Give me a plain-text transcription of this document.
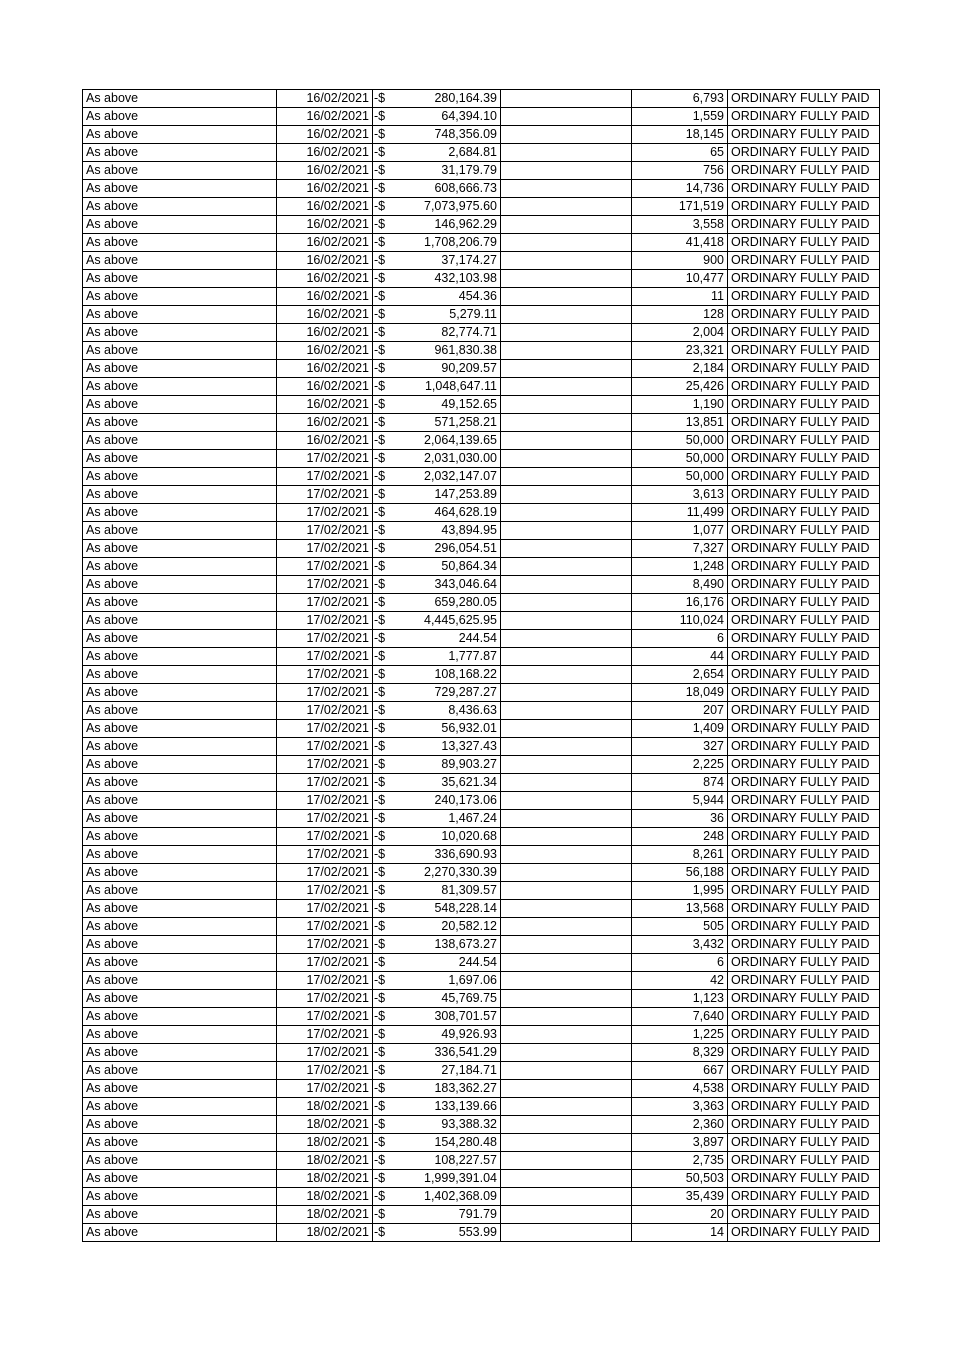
As above	16/02/2021	-$	280,164.39		6,793	ORDINARY FULLY PAID
As above	16/02/2021	-$	64,394.10		1,559	ORDINARY FULLY PAID
As above	16/02/2021	-$	748,356.09		18,145	ORDINARY FULLY PAID
As above	16/02/2021	-$	2,684.81		65	ORDINARY FULLY PAID
As above	16/02/2021	-$	31,179.79		756	ORDINARY FULLY PAID
As above	16/02/2021	-$	608,666.73		14,736	ORDINARY FULLY PAID
As above	16/02/2021	-$	7,073,975.60		171,519	ORDINARY FULLY PAID
As above	16/02/2021	-$	146,962.29		3,558	ORDINARY FULLY PAID
As above	16/02/2021	-$	1,708,206.79		41,418	ORDINARY FULLY PAID
As above	16/02/2021	-$	37,174.27		900	ORDINARY FULLY PAID
As above	16/02/2021	-$	432,103.98		10,477	ORDINARY FULLY PAID
As above	16/02/2021	-$	454.36		11	ORDINARY FULLY PAID
As above	16/02/2021	-$	5,279.11		128	ORDINARY FULLY PAID
As above	16/02/2021	-$	82,774.71		2,004	ORDINARY FULLY PAID
As above	16/02/2021	-$	961,830.38		23,321	ORDINARY FULLY PAID
As above	16/02/2021	-$	90,209.57		2,184	ORDINARY FULLY PAID
As above	16/02/2021	-$	1,048,647.11		25,426	ORDINARY FULLY PAID
As above	16/02/2021	-$	49,152.65		1,190	ORDINARY FULLY PAID
As above	16/02/2021	-$	571,258.21		13,851	ORDINARY FULLY PAID
As above	16/02/2021	-$	2,064,139.65		50,000	ORDINARY FULLY PAID
As above	17/02/2021	-$	2,031,030.00		50,000	ORDINARY FULLY PAID
As above	17/02/2021	-$	2,032,147.07		50,000	ORDINARY FULLY PAID
As above	17/02/2021	-$	147,253.89		3,613	ORDINARY FULLY PAID
As above	17/02/2021	-$	464,628.19		11,499	ORDINARY FULLY PAID
As above	17/02/2021	-$	43,894.95		1,077	ORDINARY FULLY PAID
As above	17/02/2021	-$	296,054.51		7,327	ORDINARY FULLY PAID
As above	17/02/2021	-$	50,864.34		1,248	ORDINARY FULLY PAID
As above	17/02/2021	-$	343,046.64		8,490	ORDINARY FULLY PAID
As above	17/02/2021	-$	659,280.05		16,176	ORDINARY FULLY PAID
As above	17/02/2021	-$	4,445,625.95		110,024	ORDINARY FULLY PAID
As above	17/02/2021	-$	244.54		6	ORDINARY FULLY PAID
As above	17/02/2021	-$	1,777.87		44	ORDINARY FULLY PAID
As above	17/02/2021	-$	108,168.22		2,654	ORDINARY FULLY PAID
As above	17/02/2021	-$	729,287.27		18,049	ORDINARY FULLY PAID
As above	17/02/2021	-$	8,436.63		207	ORDINARY FULLY PAID
As above	17/02/2021	-$	56,932.01		1,409	ORDINARY FULLY PAID
As above	17/02/2021	-$	13,327.43		327	ORDINARY FULLY PAID
As above	17/02/2021	-$	89,903.27		2,225	ORDINARY FULLY PAID
As above	17/02/2021	-$	35,621.34		874	ORDINARY FULLY PAID
As above	17/02/2021	-$	240,173.06		5,944	ORDINARY FULLY PAID
As above	17/02/2021	-$	1,467.24		36	ORDINARY FULLY PAID
As above	17/02/2021	-$	10,020.68		248	ORDINARY FULLY PAID
As above	17/02/2021	-$	336,690.93		8,261	ORDINARY FULLY PAID
As above	17/02/2021	-$	2,270,330.39		56,188	ORDINARY FULLY PAID
As above	17/02/2021	-$	81,309.57		1,995	ORDINARY FULLY PAID
As above	17/02/2021	-$	548,228.14		13,568	ORDINARY FULLY PAID
As above	17/02/2021	-$	20,582.12		505	ORDINARY FULLY PAID
As above	17/02/2021	-$	138,673.27		3,432	ORDINARY FULLY PAID
As above	17/02/2021	-$	244.54		6	ORDINARY FULLY PAID
As above	17/02/2021	-$	1,697.06		42	ORDINARY FULLY PAID
As above	17/02/2021	-$	45,769.75		1,123	ORDINARY FULLY PAID
As above	17/02/2021	-$	308,701.57		7,640	ORDINARY FULLY PAID
As above	17/02/2021	-$	49,926.93		1,225	ORDINARY FULLY PAID
As above	17/02/2021	-$	336,541.29		8,329	ORDINARY FULLY PAID
As above	17/02/2021	-$	27,184.71		667	ORDINARY FULLY PAID
As above	17/02/2021	-$	183,362.27		4,538	ORDINARY FULLY PAID
As above	18/02/2021	-$	133,139.66		3,363	ORDINARY FULLY PAID
As above	18/02/2021	-$	93,388.32		2,360	ORDINARY FULLY PAID
As above	18/02/2021	-$	154,280.48		3,897	ORDINARY FULLY PAID
As above	18/02/2021	-$	108,227.57		2,735	ORDINARY FULLY PAID
As above	18/02/2021	-$	1,999,391.04		50,503	ORDINARY FULLY PAID
As above	18/02/2021	-$	1,402,368.09		35,439	ORDINARY FULLY PAID
As above	18/02/2021	-$	791.79		20	ORDINARY FULLY PAID
As above	18/02/2021	-$	553.99		14	ORDINARY FULLY PAID
